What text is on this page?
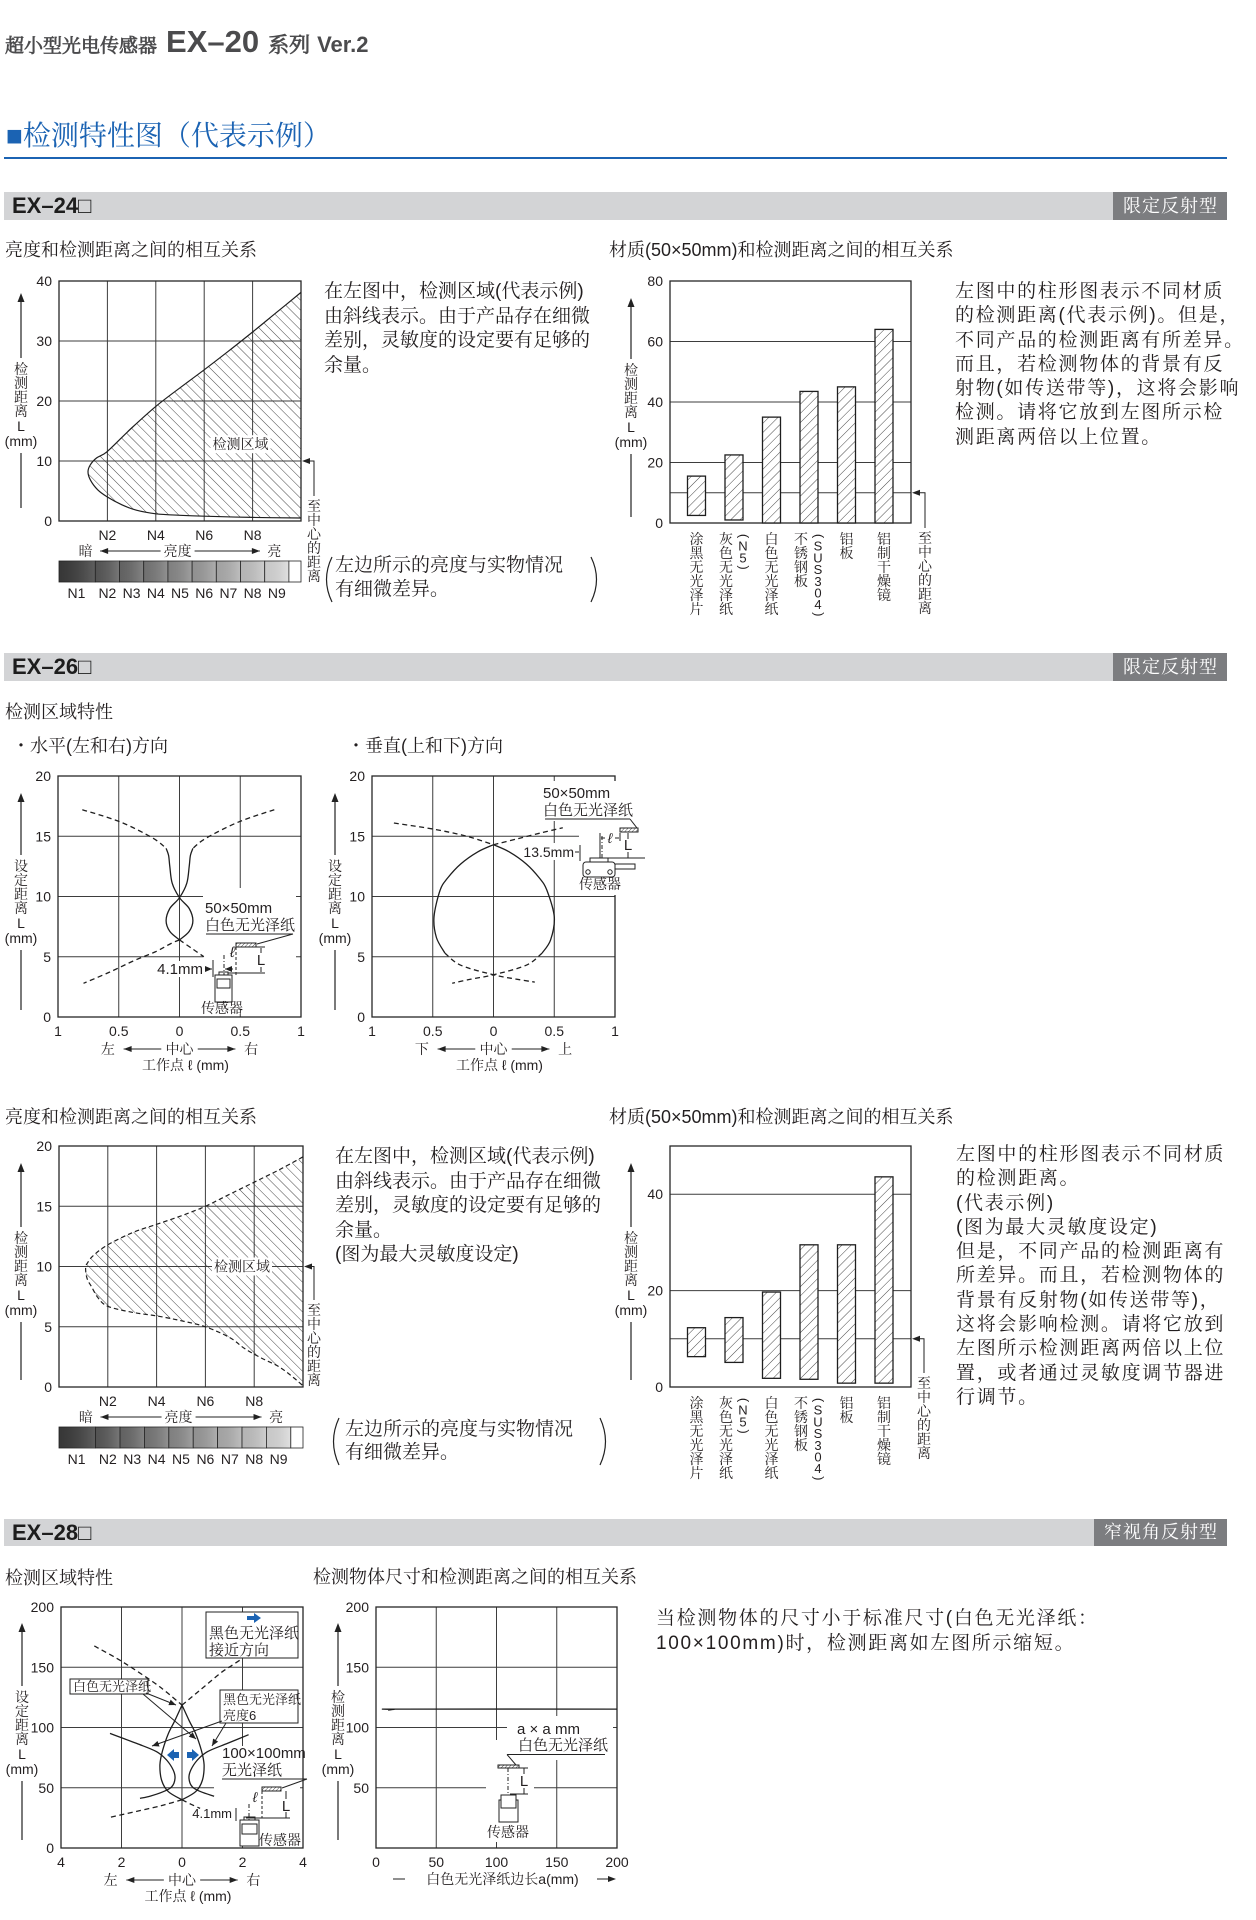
检测区域
N2 N4 N6 N8
0
10
20
30
40
检
测
距
离
L
(mm)
至
中
心
的
距
离
暗	亮
亮度
N1 N2 N3 N4 N5 N6 N7 N8 N9
涂
黑
无
光
泽
片
灰
色
无
光
泽
纸
(
N
5
)
白
色
无
光
泽
纸
不
锈
钢
板
(
S
U
S
3
0
4
)
铝
板
铝
制
干
燥
镜
0
20
40
60
80
检
测
距
离
L
(mm)
至
中
心
的
距
离
1	0.5	0	0.5	1
0
5
10
15
20
设
定
距
离
L
(mm)
左	中心	右
工作点 ℓ (mm)
1	0.5	0	0.5	1
0
5
10
15
20
设
定
距
离
L
(mm)
下	中心	上
工作点 ℓ (mm)
检测区域
N2 N4 N6 N8
0
5
10
15
20
检
测
距
离
L
(mm)	至
中
心
的
距
离
暗	亮
亮度
N1 N2 N3 N4 N5 N6 N7 N8 N9
涂
黑
无
光
泽
片
灰
色
无
光
泽
纸
(
N
5
)
白
色
无
光
泽
纸
不
锈
钢
板
(
S
U
S
3
0
4
)
铝
板
铝
制
干
燥
镜
0
20
40
检
测
距
离
L
(mm)
至
中
心
的
距
离
4	2	0	2	4
0
50
100
150
200
设
定
距
离
L
(mm)
左	中心	右
工作点 ℓ (mm)
0	50	100	150	200
50
100
150
200
检
测
距
离
L
(mm)
白色无光泽纸边长a(mm)
50×50mm
白色无光泽纸
ℓ
4.1mm
L
传感器
50×50mm
白色无光泽纸
ℓ L
13.5mm
传感器
黑色无光泽纸
接近方向
白色无光泽纸
黑色无光泽纸
亮度6
100×100mm
无光泽纸
ℓ
L
4.1mm
传感器
a × a mm
白色无光泽纸
L
传感器
超小型光电传感器 EX–20 系列 Ver.2
■检测特性图（代表示例）
EX–24□	限定反射型
亮度和检测距离之间的相互关系	材质(50×50mm)和检测距离之间的相互关系
在左图中，检测区域(代表示例)
由斜线表示。由于产品存在细微
差别，灵敏度的设定要有足够的
余量。
左边所示的亮度与实物情况
有细微差异。
左图中的柱形图表示不同材质
的检测距离(代表示例)。但是，
不同产品的检测距离有所差异。
而且，若检测物体的背景有反
射物(如传送带等)，这将会影响
检测。请将它放到左图所示检
测距离两倍以上位置。
EX–26□	限定反射型
检测区域特性
・水平(左和右)方向	・垂直(上和下)方向
亮度和检测距离之间的相互关系	材质(50×50mm)和检测距离之间的相互关系
在左图中，检测区域(代表示例)
由斜线表示。由于产品存在细微
差别，灵敏度的设定要有足够的
余量。
(图为最大灵敏度设定)
左边所示的亮度与实物情况
有细微差异。
左图中的柱形图表示不同材质
的检测距离。
(代表示例)
(图为最大灵敏度设定)
但是，不同产品的检测距离有
所差异。而且，若检测物体的
背景有反射物(如传送带等)，
这将会影响检测。请将它放到
左图所示检测距离两倍以上位
置，或者通过灵敏度调节器进
行调节。
EX–28□	窄视角反射型
检测区域特性	检测物体尺寸和检测距离之间的相互关系
当检测物体的尺寸小于标准尺寸(白色无光泽纸：
100×100mm)时，检测距离如左图所示缩短。
